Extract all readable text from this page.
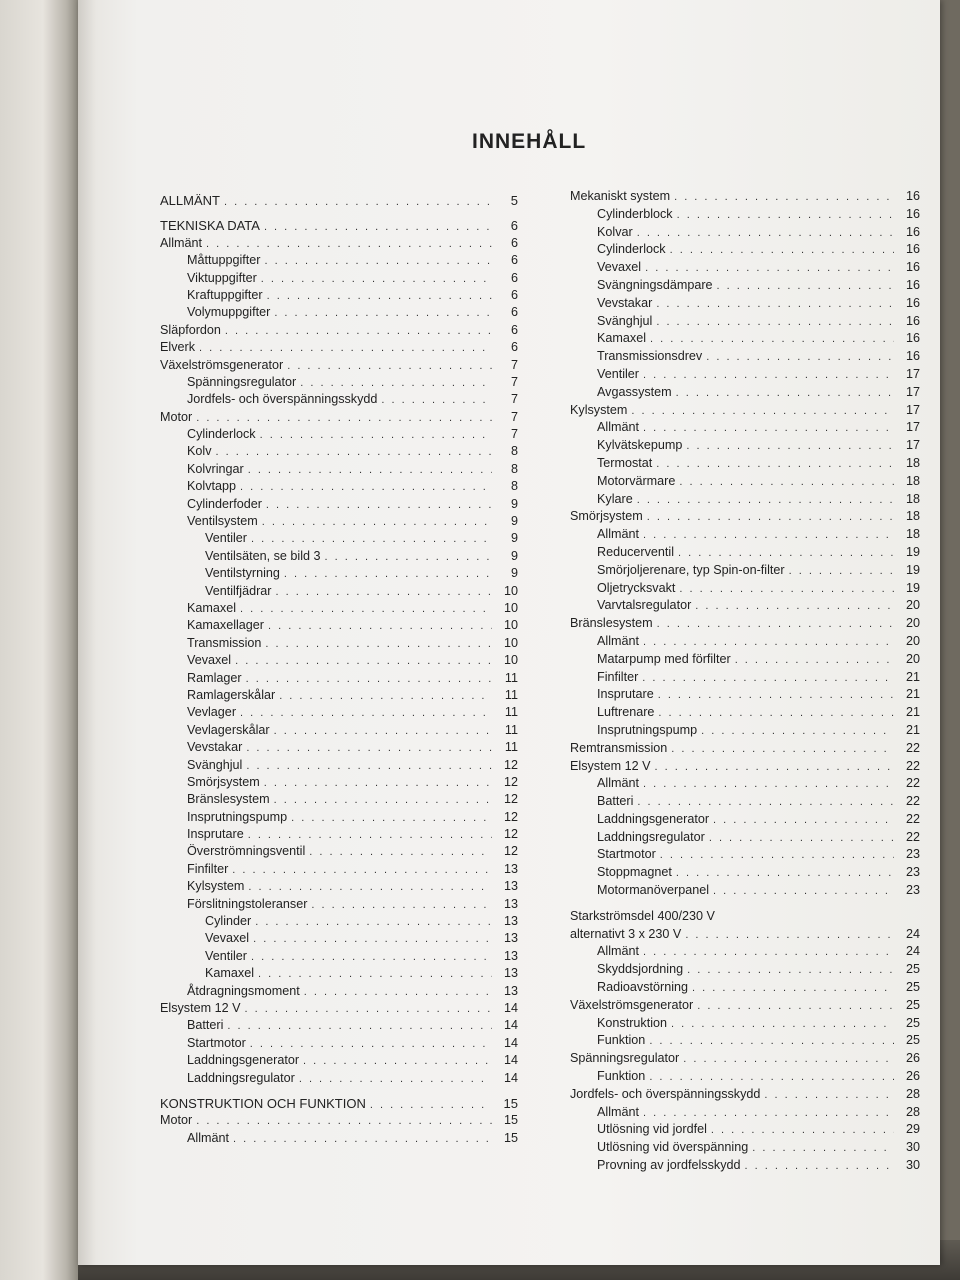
INNEHÅLL
ALLMÄNT . . .	5
TEKNISKA DATA . . .	6
Allmänt . . .	6
Måttuppgifter . . .	6
Viktuppgifter . . .	6
Kraftuppgifter . . .	6
Volymuppgifter . . .	6
Släpfordon . . .	6
Elverk . . .	6
Växelströmsgenerator . . .	7
Spänningsregulator . . .	7
Jordfels- och överspänningsskydd . . .	7
Motor . . .	7
Cylinderlock . . .	7
Kolv . . .	8
Kolvringar . . .	8
Kolvtapp . . .	8
Cylinderfoder . . .	9
Ventilsystem . . .	9
Ventiler . . .	9
Ventilsäten, se bild 3 . . .	9
Ventilstyrning . . .	9
Ventilfjädrar . . .	10
Kamaxel . . .	10
Kamaxellager . . .	10
Transmission . . .	10
Vevaxel . . .	10
Ramlager . . .	11
Ramlagerskålar . . .	11
Vevlager . . .	11
Vevlagerskålar . . .	11
Vevstakar . . .	11
Svänghjul . . .	12
Smörjsystem . . .	12
Bränslesystem . . .	12
Insprutningspump . . .	12
Insprutare . . .	12
Överströmningsventil . . .	12
Finfilter . . .	13
Kylsystem . . .	13
Förslitningstoleranser . . .	13
Cylinder . . .	13
Vevaxel . . .	13
Ventiler . . .	13
Kamaxel . . .	13
Åtdragningsmoment . . .	13
Elsystem 12 V . . .	14
Batteri . . .	14
Startmotor . . .	14
Laddningsgenerator . . .	14
Laddningsregulator . . .	14
KONSTRUKTION OCH FUNKTION . . .	15
Motor . . .	15
Allmänt . . .	15
Mekaniskt system . . .	16
Cylinderblock . . .	16
Kolvar . . .	16
Cylinderlock . . .	16
Vevaxel . . .	16
Svängningsdämpare . . .	16
Vevstakar . . .	16
Svänghjul . . .	16
Kamaxel . . .	16
Transmissionsdrev . . .	16
Ventiler . . .	17
Avgassystem . . .	17
Kylsystem . . .	17
Allmänt . . .	17
Kylvätskepump . . .	17
Termostat . . .	18
Motorvärmare . . .	18
Kylare . . .	18
Smörjsystem . . .	18
Allmänt . . .	18
Reducerventil . . .	19
Smörjoljerenare, typ Spin-on-filter . . .	19
Oljetrycksvakt . . .	19
Varvtalsregulator . . .	20
Bränslesystem . . .	20
Allmänt . . .	20
Matarpump med förfilter . . .	20
Finfilter . . .	21
Insprutare . . .	21
Luftrenare . . .	21
Insprutningspump . . .	21
Remtransmission . . .	22
Elsystem 12 V . . .	22
Allmänt . . .	22
Batteri . . .	22
Laddningsgenerator . . .	22
Laddningsregulator . . .	22
Startmotor . . .	23
Stoppmagnet . . .	23
Motormanöverpanel . . .	23
Starkströmsdel 400/230 V
alternativt 3 x 230 V . . .	24
Allmänt . . .	24
Skyddsjordning . . .	25
Radioavstörning . . .	25
Växelströmsgenerator . . .	25
Konstruktion . . .	25
Funktion . . .	25
Spänningsregulator . . .	26
Funktion . . .	26
Jordfels- och överspänningsskydd . . .	28
Allmänt . . .	28
Utlösning vid jordfel . . .	29
Utlösning vid överspänning . . .	30
Provning av jordfelsskydd . . .	30
